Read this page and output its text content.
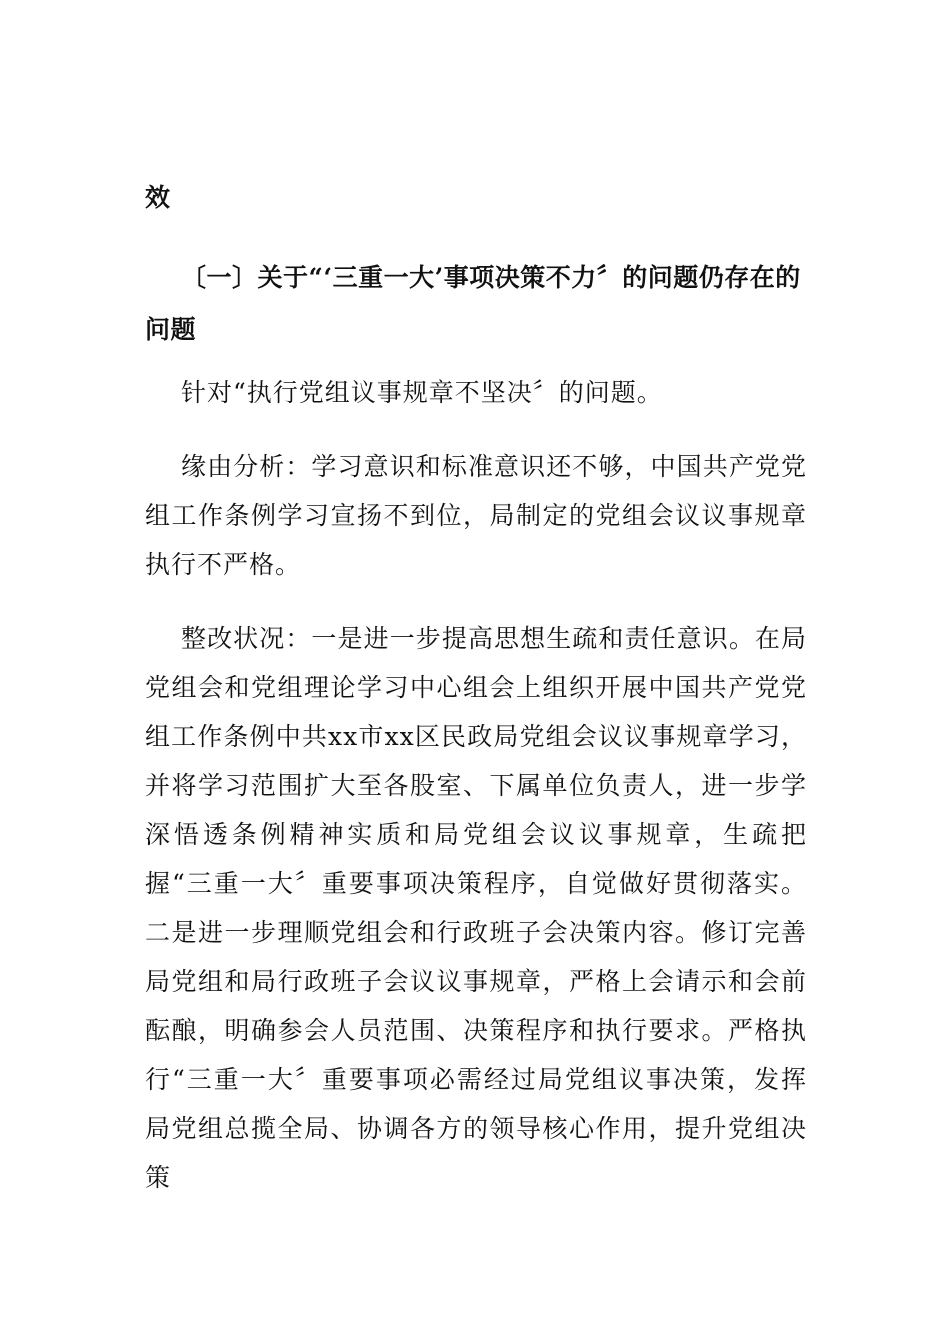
效

〔一〕关于“‘三重一大’事项决策不力〞的问题仍存在的问题

针对“执行党组议事规章不坚决〞的问题。

缘由分析：学习意识和标准意识还不够，中国共产党党组工作条例学习宣扬不到位，局制定的党组会议议事规章执行不严格。

整改状况：一是进一步提高思想生疏和责任意识。在局党组会和党组理论学习中心组会上组织开展中国共产党党组工作条例中共xx市xx区民政局党组会议议事规章学习，并将学习范围扩大至各股室、下属单位负责人，进一步学深悟透条例精神实质和局党组会议议事规章，生疏把握“三重一大〞重要事项决策程序，自觉做好贯彻落实。二是进一步理顺党组会和行政班子会决策内容。修订完善局党组和局行政班子会议议事规章，严格上会请示和会前酝酿，明确参会人员范围、决策程序和执行要求。严格执行“三重一大〞重要事项必需经过局党组议事决策，发挥局党组总揽全局、协调各方的领导核心作用，提升党组决策
